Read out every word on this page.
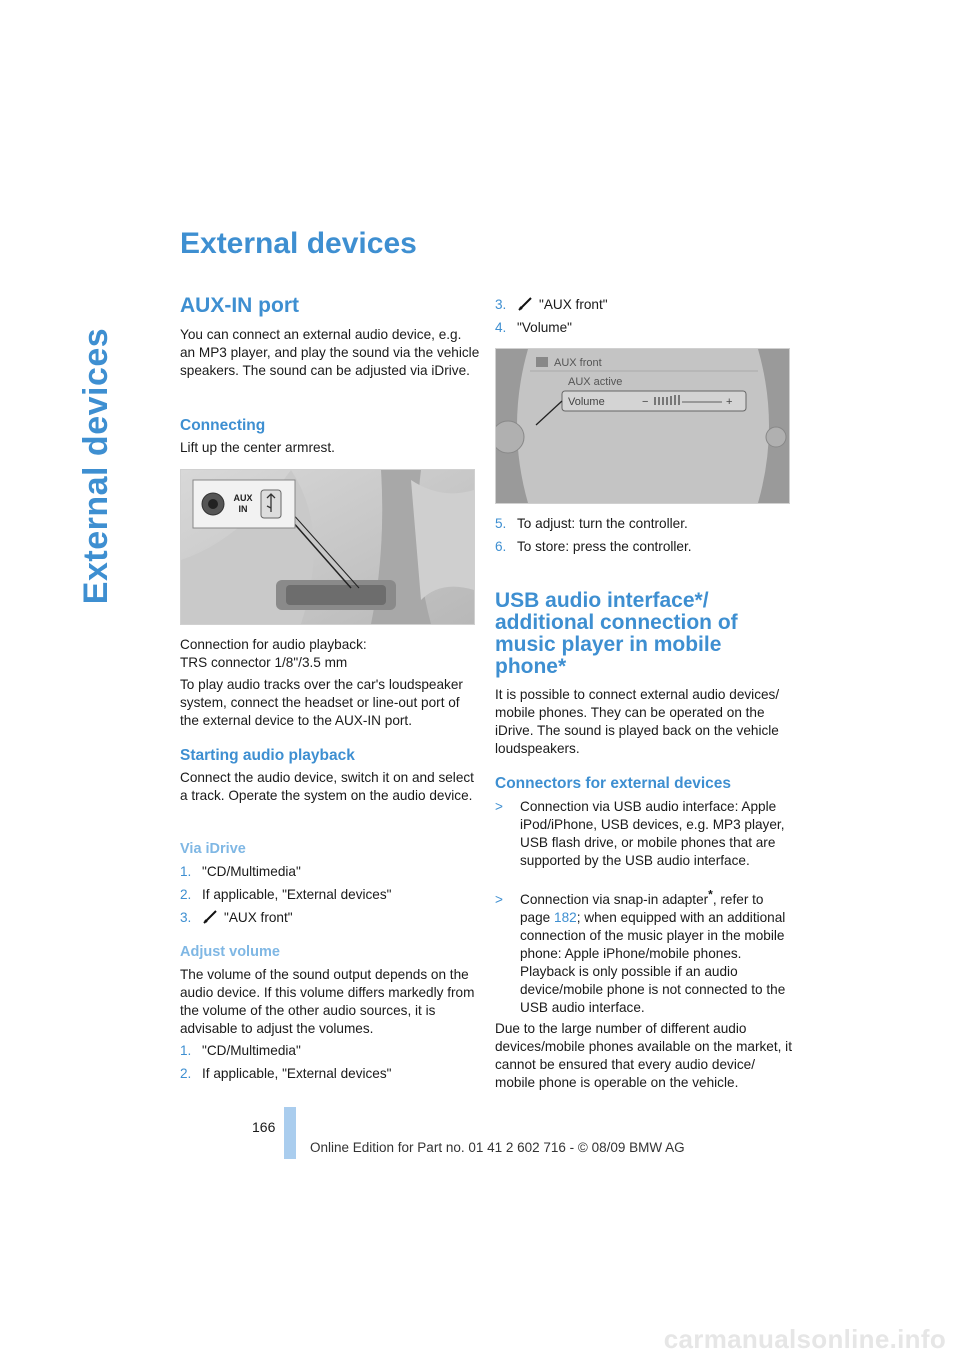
External devices
External devices
AUX-IN port

You can connect an external audio device, e.g. an MP3 player, and play the sound via the vehicle speakers. The sound can be adjusted via iDrive.

Connecting

Lift up the center armrest.

AUX
IN

Connection for audio playback:

TRS connector 1/8"/3.5 mm

To play audio tracks over the car's loudspeaker system, connect the headset or line-out port of the external device to the AUX-IN port.

Starting audio playback

Connect the audio device, switch it on and select a track. Operate the system on the audio device.

Via iDrive

1. "CD/Multimedia"

2. If applicable, "External devices"

3. "AUX front"

Adjust volume

The volume of the sound output depends on the audio device. If this volume differs markedly from the volume of the other audio sources, it is advisable to adjust the volumes.

1. "CD/Multimedia"

2. If applicable, "External devices"

3. "AUX front"

4. "Volume"

AUX front
AUX active
Volume	−	+

5. To adjust: turn the controller.

6. To store: press the controller.

USB audio interface*/
additional connection of
music player in mobile
phone*

It is possible to connect external audio devices/ mobile phones. They can be operated on the iDrive. The sound is played back on the vehicle loudspeakers.

Connectors for external devices
> Connection via USB audio interface: Apple iPod/iPhone, USB devices, e.g. MP3 player, USB flash drive, or mobile phones that are supported by the USB audio interface.
> Connection via snap-in adapter*, refer to page 182; when equipped with an additional connection of the music player in the mobile phone: Apple iPhone/mobile phones. Playback is only possible if an audio device/mobile phone is not connected to the USB audio interface.

Due to the large number of different audio devices/mobile phones available on the market, it cannot be ensured that every audio device/ mobile phone is operable on the vehicle.

166
Online Edition for Part no. 01 41 2 602 716 - © 08/09 BMW AG
carmanualsonline.info
